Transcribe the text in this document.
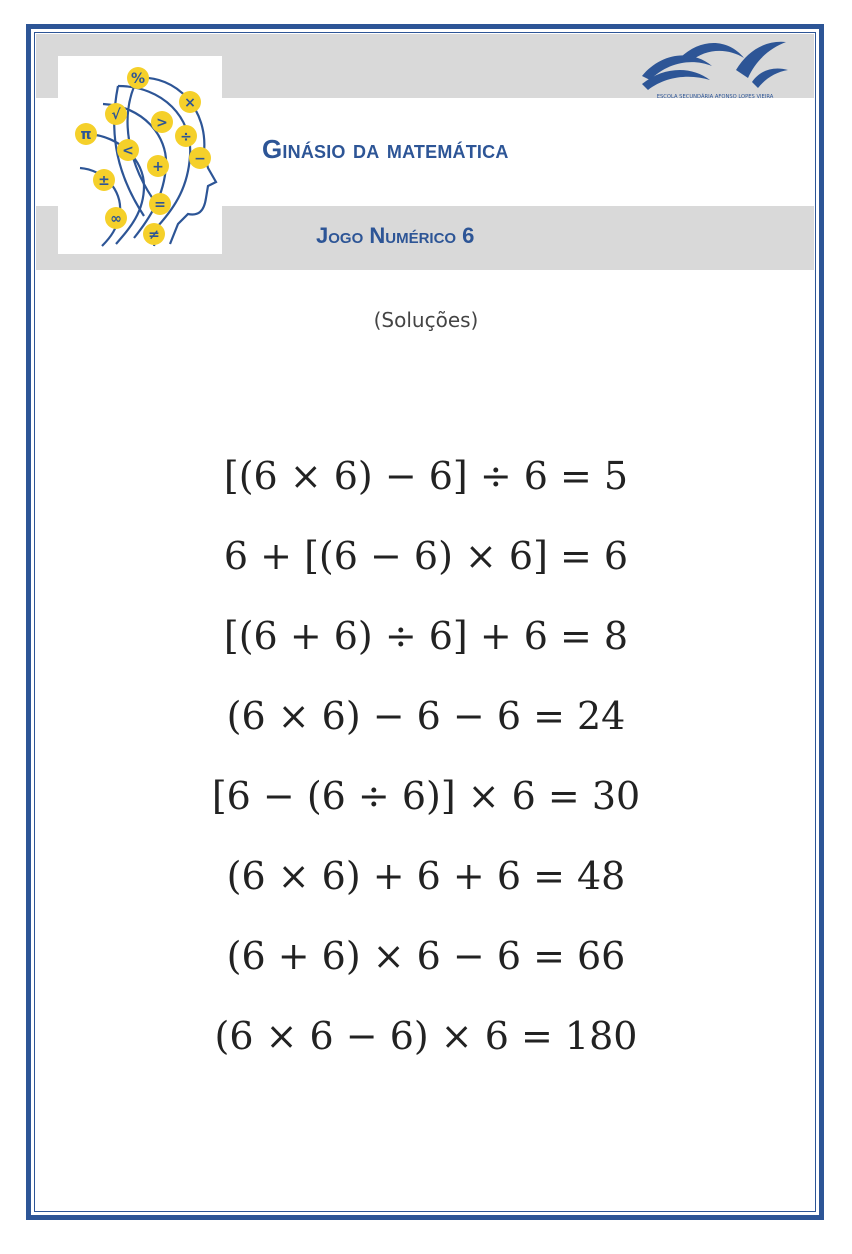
%
×
√	>
÷
π
<	−
+
±
=
∞
≠
ESCOLA SECUNDÁRIA AFONSO LOPES VIEIRA
Ginásio da matemática
Jogo Numérico 6
(Soluções)
[(6 × 6) − 6] ÷ 6 = 5
6 + [(6 − 6) × 6] = 6
[(6 + 6) ÷ 6] + 6 = 8
(6 × 6) − 6 − 6 = 24
[6 − (6 ÷ 6)] × 6 = 30
(6 × 6) + 6 + 6 = 48
(6 + 6) × 6 − 6 = 66
(6 × 6 − 6) × 6 = 180
